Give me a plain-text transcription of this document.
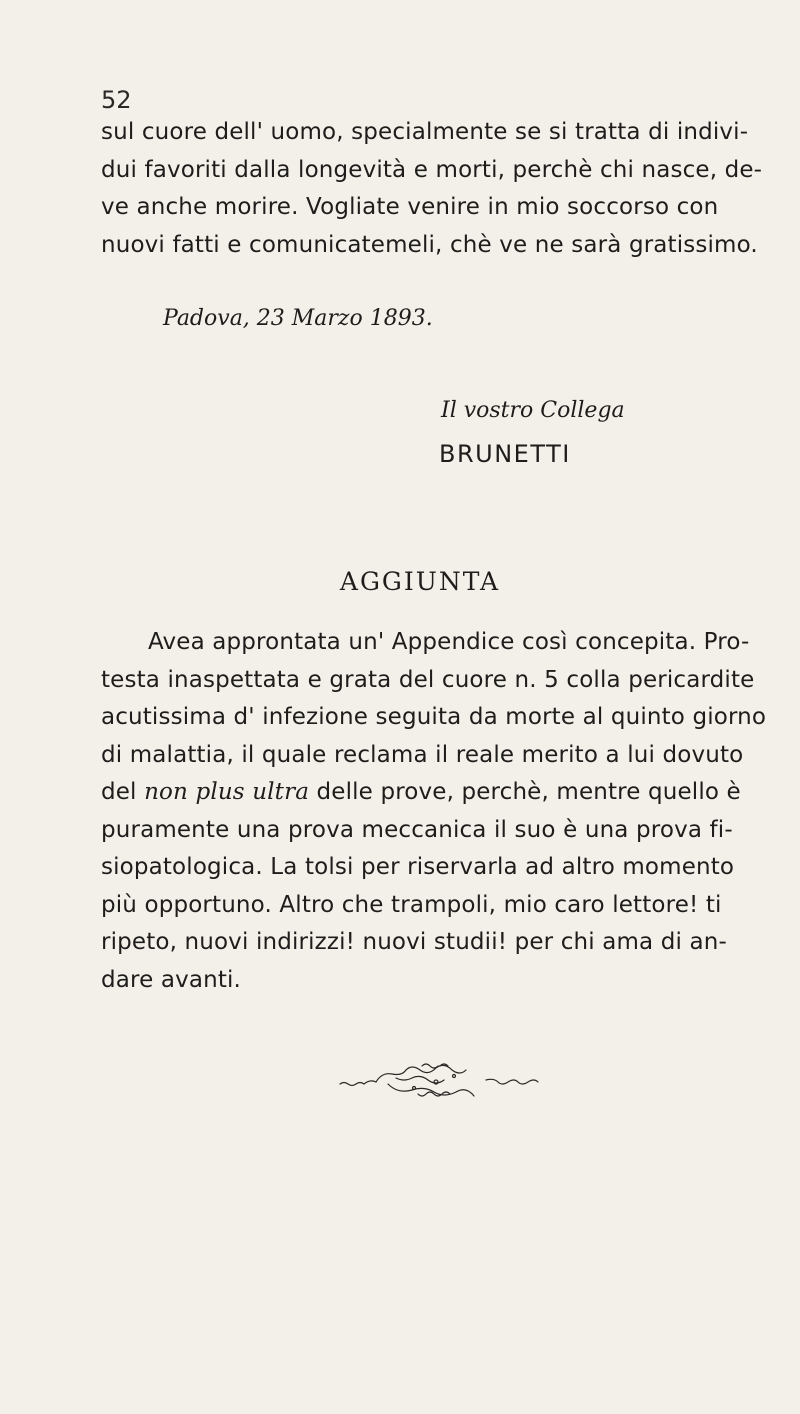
52
sul cuore dell' uomo, specialmente se si tratta di indivi-
dui favoriti dalla longevità e morti, perchè chi nasce, de-
ve anche morire. Vogliate venire in mio soccorso con
nuovi fatti e comunicatemeli, chè ve ne sarà gratissimo.
Padova, 23 Marzo 1893.
Il vostro Collega
BRUNETTI
AGGIUNTA
Avea approntata un' Appendice così concepita. Pro-
testa inaspettata e grata del cuore n. 5 colla pericardite
acutissima d' infezione seguita da morte al quinto giorno
di malattia, il quale reclama il reale merito a lui dovuto
del non plus ultra delle prove, perchè, mentre quello è
puramente una prova meccanica il suo è una prova fi-
siopatologica. La tolsi per riservarla ad altro momento
più opportuno. Altro che trampoli, mio caro lettore! ti
ripeto, nuovi indirizzi! nuovi studii! per chi ama di an-
dare avanti.
